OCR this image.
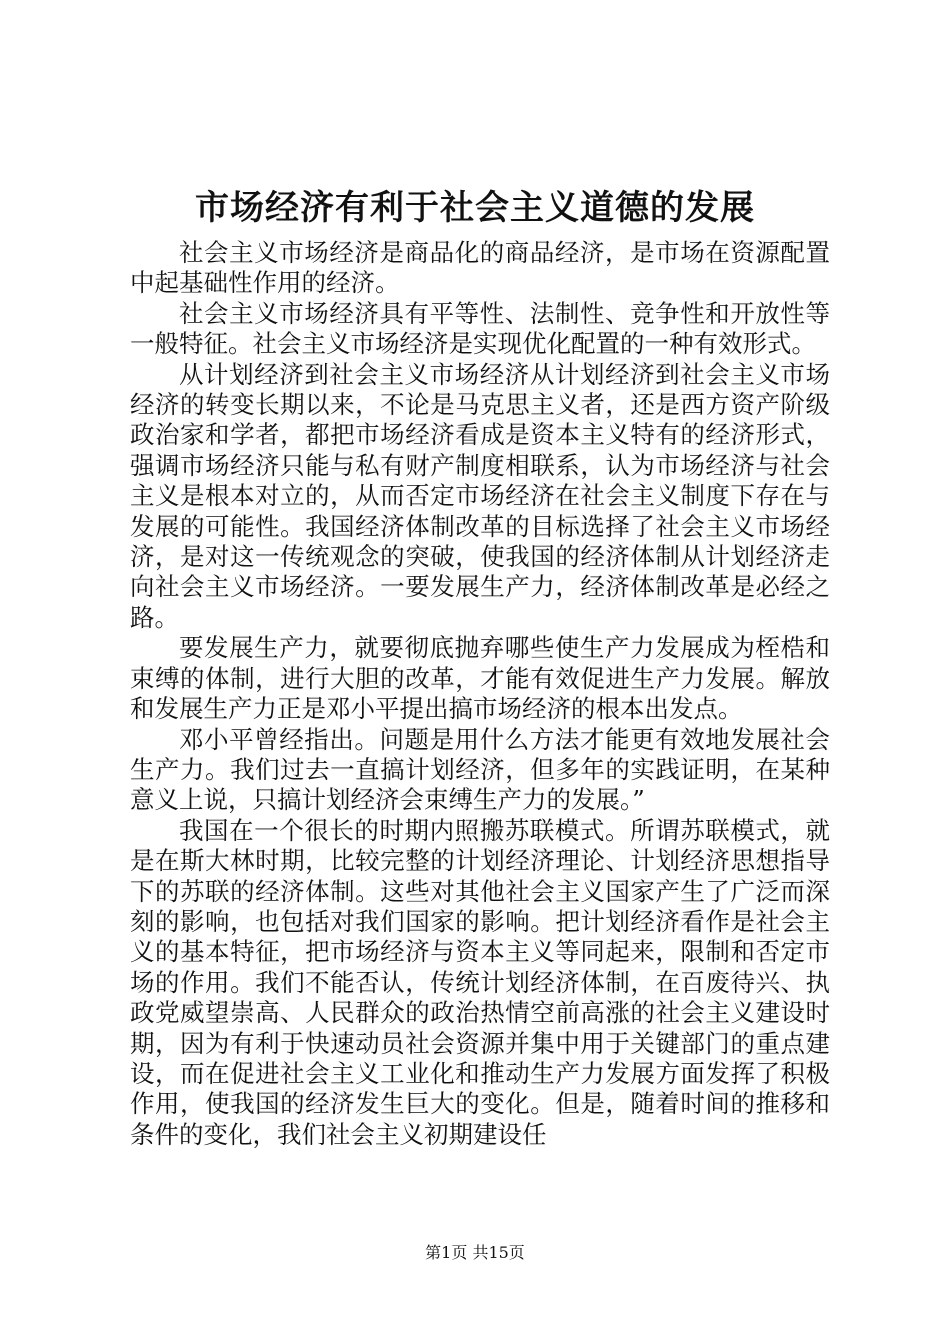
市场经济有利于社会主义道德的发展

社会主义市场经济是商品化的商品经济，是市场在资源配置中起基础性作用的经济。

社会主义市场经济具有平等性、法制性、竞争性和开放性等一般特征。社会主义市场经济是实现优化配置的一种有效形式。

从计划经济到社会主义市场经济从计划经济到社会主义市场经济的转变长期以来，不论是马克思主义者，还是西方资产阶级政治家和学者，都把市场经济看成是资本主义特有的经济形式，强调市场经济只能与私有财产制度相联系，认为市场经济与社会主义是根本对立的，从而否定市场经济在社会主义制度下存在与发展的可能性。我国经济体制改革的目标选择了社会主义市场经济，是对这一传统观念的突破，使我国的经济体制从计划经济走向社会主义市场经济。一要发展生产力，经济体制改革是必经之路。

要发展生产力，就要彻底抛弃哪些使生产力发展成为桎梏和束缚的体制，进行大胆的改革，才能有效促进生产力发展。解放和发展生产力正是邓小平提出搞市场经济的根本出发点。

邓小平曾经指出。问题是用什么方法才能更有效地发展社会生产力。我们过去一直搞计划经济，但多年的实践证明，在某种意义上说，只搞计划经济会束缚生产力的发展。”

我国在一个很长的时期内照搬苏联模式。所谓苏联模式，就是在斯大林时期，比较完整的计划经济理论、计划经济思想指导下的苏联的经济体制。这些对其他社会主义国家产生了广泛而深刻的影响，也包括对我们国家的影响。把计划经济看作是社会主义的基本特征，把市场经济与资本主义等同起来，限制和否定市场的作用。我们不能否认，传统计划经济体制，在百废待兴、执政党威望崇高、人民群众的政治热情空前高涨的社会主义建设时期，因为有利于快速动员社会资源并集中用于关键部门的重点建设，而在促进社会主义工业化和推动生产力发展方面发挥了积极作用，使我国的经济发生巨大的变化。但是，随着时间的推移和条件的变化，我们社会主义初期建设任

第1页 共15页
